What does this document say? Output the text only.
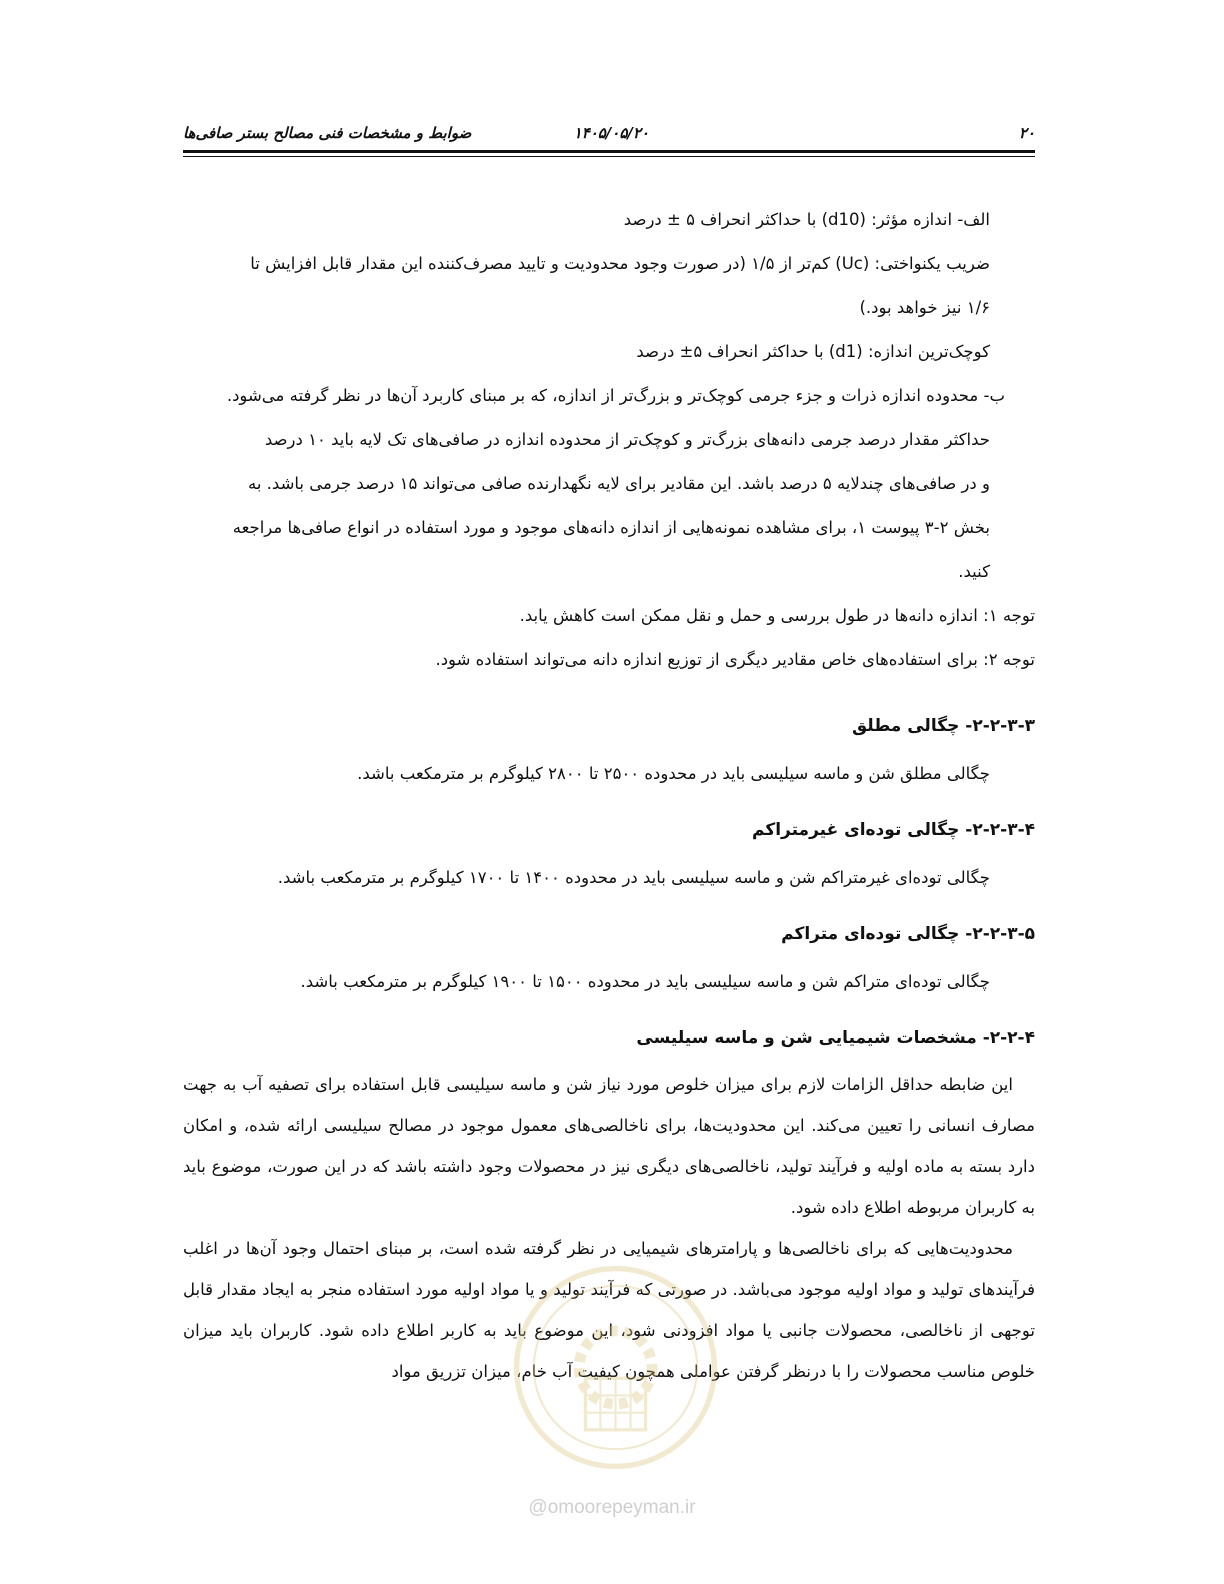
۲۰
۱۴۰۵/۰۵/۲۰
ضوابط و مشخصات فنی مصالح بستر صافی‌ها

الف- اندازه مؤثر: (d10) با حداکثر انحراف ۵ ± درصد

ضریب یکنواختی: (Uc) کم‌تر از ۱/۵ (در صورت وجود محدودیت و تایید مصرف‌کننده این مقدار قابل افزایش تا

۱/۶ نیز خواهد بود.)

کوچک‌ترین اندازه: (d1) با حداکثر انحراف ۵± درصد

ب- محدوده اندازه ذرات و جزء جرمی کوچک‌تر و بزرگ‌تر از اندازه، که بر مبنای کاربرد آن‌ها در نظر گرفته می‌شود.

حداکثر مقدار درصد جرمی دانه‌های بزرگ‌تر و کوچک‌تر از محدوده اندازه در صافی‌های تک لایه باید ۱۰ درصد

و در صافی‌های چندلایه ۵ درصد باشد. این مقادیر برای لایه نگهدارنده صافی می‌تواند ۱۵ درصد جرمی باشد. به

بخش ۲-۳ پیوست ۱، برای مشاهده نمونه‌هایی از اندازه دانه‌های موجود و مورد استفاده در انواع صافی‌ها مراجعه

کنید.

توجه ۱: اندازه دانه‌ها در طول بررسی و حمل و نقل ممکن است کاهش یابد.

توجه ۲: برای استفاده‌های خاص مقادیر دیگری از توزیع اندازه دانه می‌تواند استفاده شود.

۲-۲-۳-۳- چگالی مطلق

چگالی مطلق شن و ماسه سیلیسی باید در محدوده ۲۵۰۰ تا ۲۸۰۰ کیلوگرم بر مترمکعب باشد.

۲-۲-۳-۴- چگالی توده‌ای غیرمتراکم

چگالی توده‌ای غیرمتراکم شن و ماسه سیلیسی باید در محدوده ۱۴۰۰ تا ۱۷۰۰ کیلوگرم بر مترمکعب باشد.

۲-۲-۳-۵- چگالی توده‌ای متراکم

چگالی توده‌ای متراکم شن و ماسه سیلیسی باید در محدوده ۱۵۰۰ تا ۱۹۰۰ کیلوگرم بر مترمکعب باشد.

۲-۲-۴- مشخصات شیمیایی شن و ماسه سیلیسی

این ضابطه حداقل الزامات لازم برای میزان خلوص مورد نیاز شن و ماسه سیلیسی قابل استفاده برای تصفیه آب به جهت مصارف انسانی را تعیین می‌کند. این محدودیت‌ها، برای ناخالصی‌های معمول موجود در مصالح سیلیسی ارائه شده، و امکان دارد بسته به ماده اولیه و فرآیند تولید، ناخالصی‌های دیگری نیز در محصولات وجود داشته باشد که در این صورت، موضوع باید به کاربران مربوطه اطلاع داده شود.

محدودیت‌هایی که برای ناخالصی‌ها و پارامترهای شیمیایی در نظر گرفته شده است، بر مبنای احتمال وجود آن‌ها در اغلب فرآیندهای تولید و مواد اولیه موجود می‌باشد. در صورتی که فرآیند تولید و یا مواد اولیه مورد استفاده منجر به ایجاد مقدار قابل توجهی از ناخالصی، محصولات جانبی یا مواد افزودنی شود، این موضوع باید به کاربر اطلاع داده شود. کاربران باید میزان خلوص مناسب محصولات را با درنظر گرفتن عواملی همچون کیفیت آب خام، میزان تزریق مواد

@omoorepeyman.ir
